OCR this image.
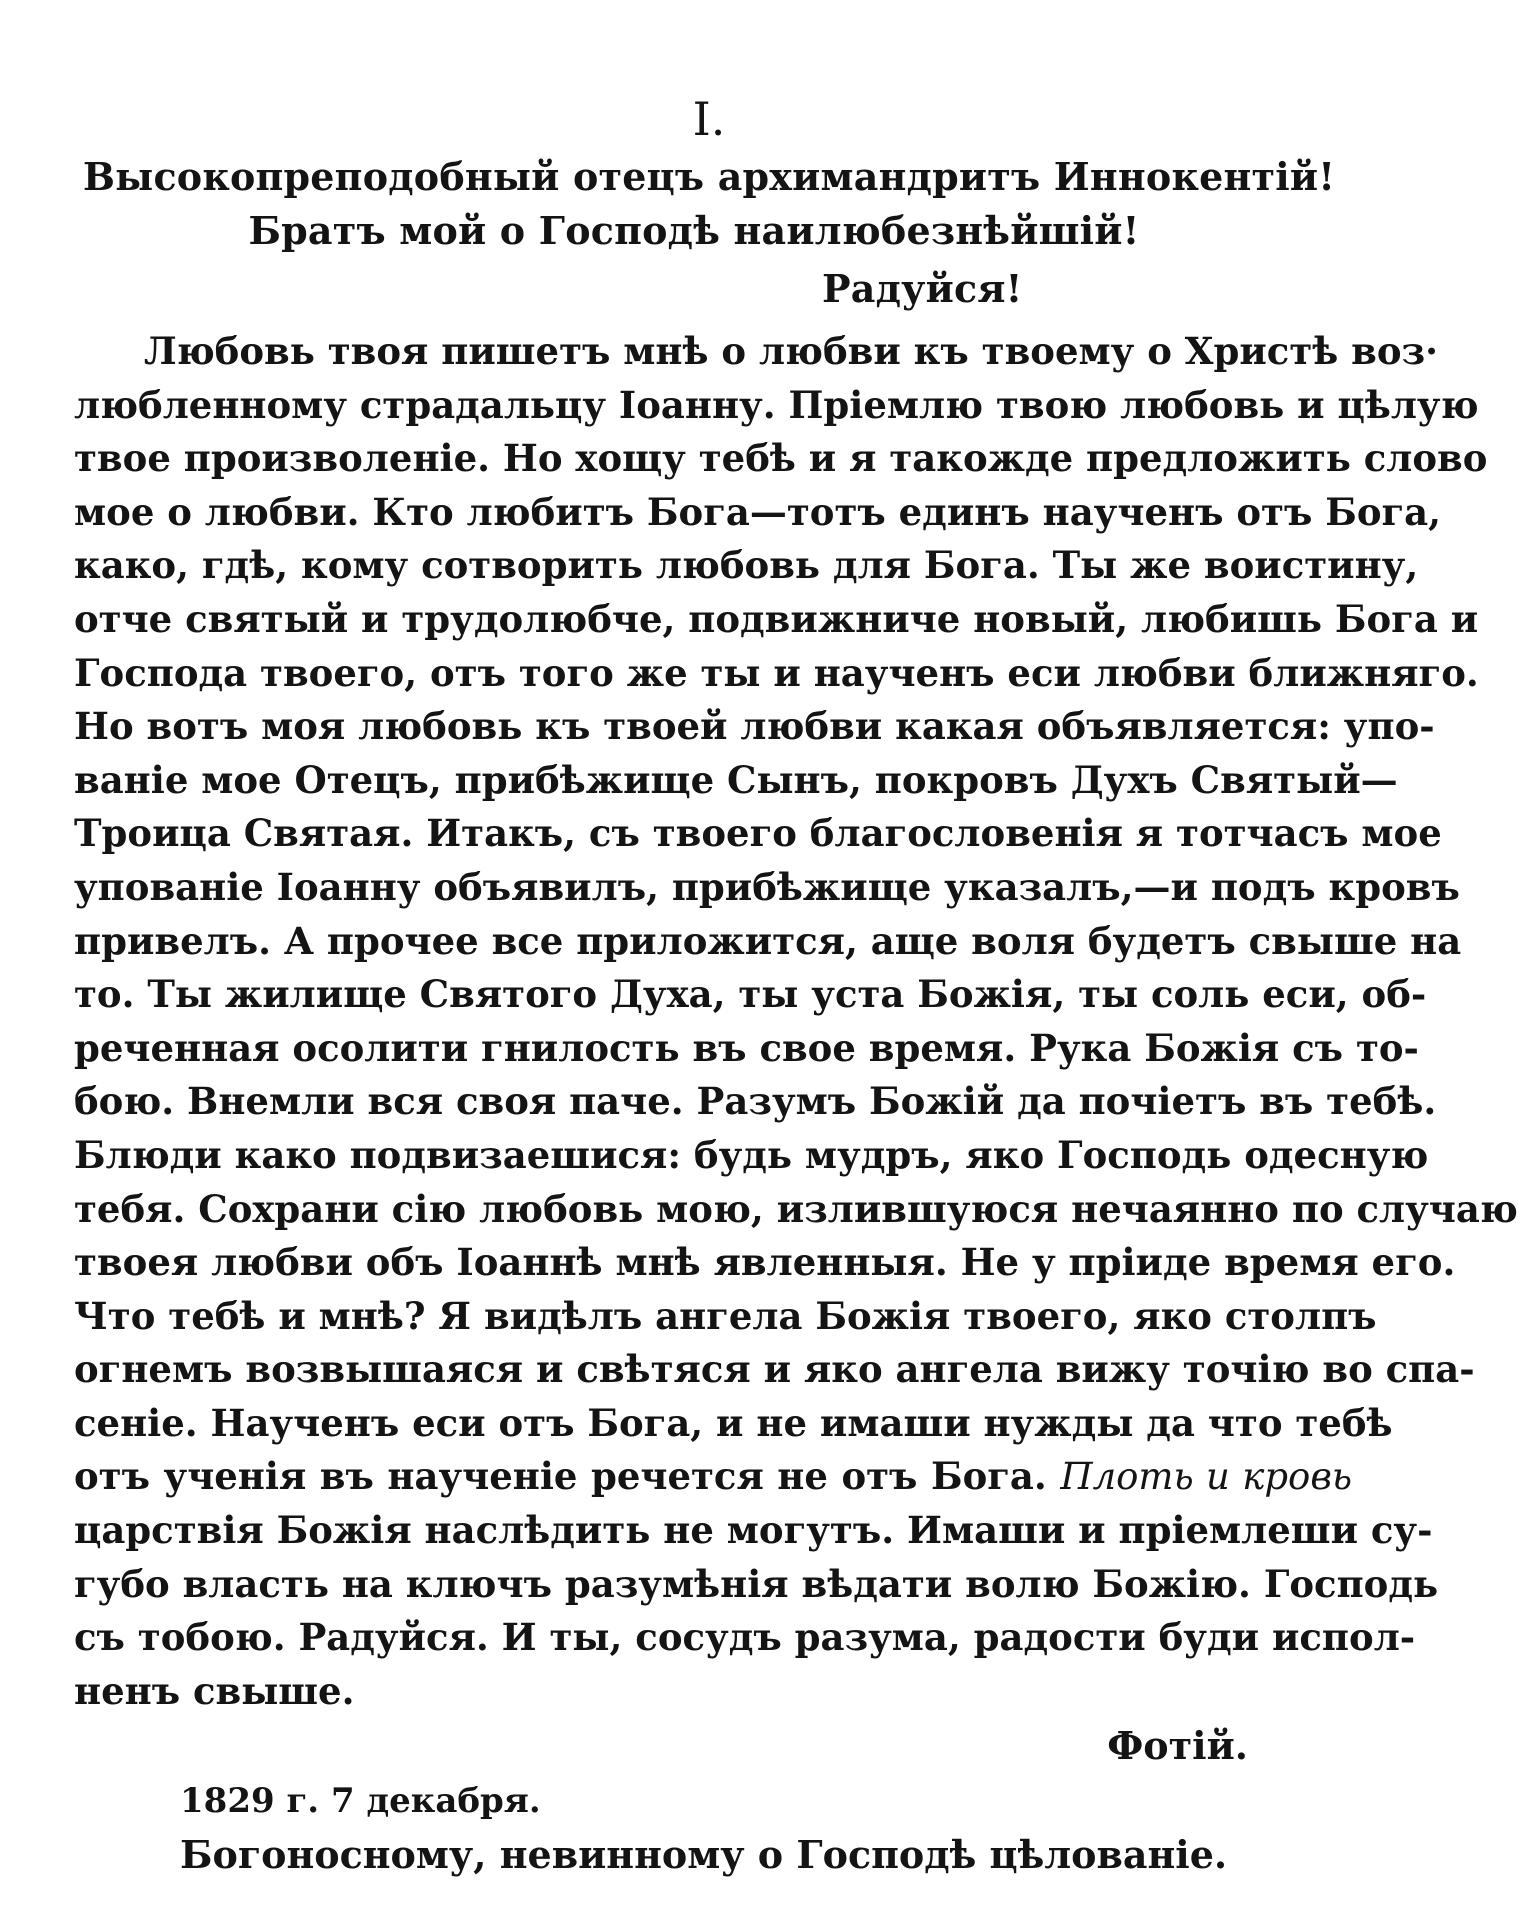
I.
Высокопреподобный отецъ архимандритъ Иннокентій!
Братъ мой о Господѣ наилюбезнѣйшій!
Радуйся!
Любовь твоя пишетъ мнѣ о любви къ твоему о Христѣ воз·
любленному страдальцу Іоанну. Пріемлю твою любовь и цѣлую
твое произволеніе. Но хощу тебѣ и я такожде предложить слово
мое о любви. Кто любитъ Бога—тотъ единъ наученъ отъ Бога,
како, гдѣ, кому сотворить любовь для Бога. Ты же воистину,
отче святый и трудолюбче, подвижниче новый, любишь Бога и
Господа твоего, отъ того же ты и наученъ еси любви ближняго.
Но вотъ моя любовь къ твоей любви какая объявляется: упо-
ваніе мое Отецъ, прибѣжище Сынъ, покровъ Духъ Святый—
Троица Святая. Итакъ, съ твоего благословенія я тотчасъ мое
упованіе Іоанну объявилъ, прибѣжище указалъ,—и подъ кровъ
привелъ. А прочее все приложится, аще воля будетъ свыше на
то. Ты жилище Святого Духа, ты уста Божія, ты соль еси, об-
реченная осолити гнилость въ свое время. Рука Божія съ то-
бою. Внемли вся своя паче. Разумъ Божій да почіетъ въ тебѣ.
Блюди како подвизаешися: будь мудръ, яко Господь одесную
тебя. Сохрани сію любовь мою, излившуюся нечаянно по случаю
твоея любви объ Іоаннѣ мнѣ явленныя. Не у пріиде время его.
Что тебѣ и мнѣ? Я видѣлъ ангела Божія твоего, яко столпъ
огнемъ возвышаяся и свѣтяся и яко ангела вижу точію во спа-
сеніе. Наученъ еси отъ Бога, и не имаши нужды да что тебѣ
отъ ученія въ наученіе речется не отъ Бога. Плоть и кровь
царствія Божія наслѣдить не могутъ. Имаши и пріемлеши су-
губо власть на ключъ разумѣнія вѣдати волю Божію. Господь
съ тобою. Радуйся. И ты, сосудъ разума, радости буди испол-
ненъ свыше.
Фотій.
1829 г. 7 декабря.
Богоносному, невинному о Господѣ цѣлованіе.
